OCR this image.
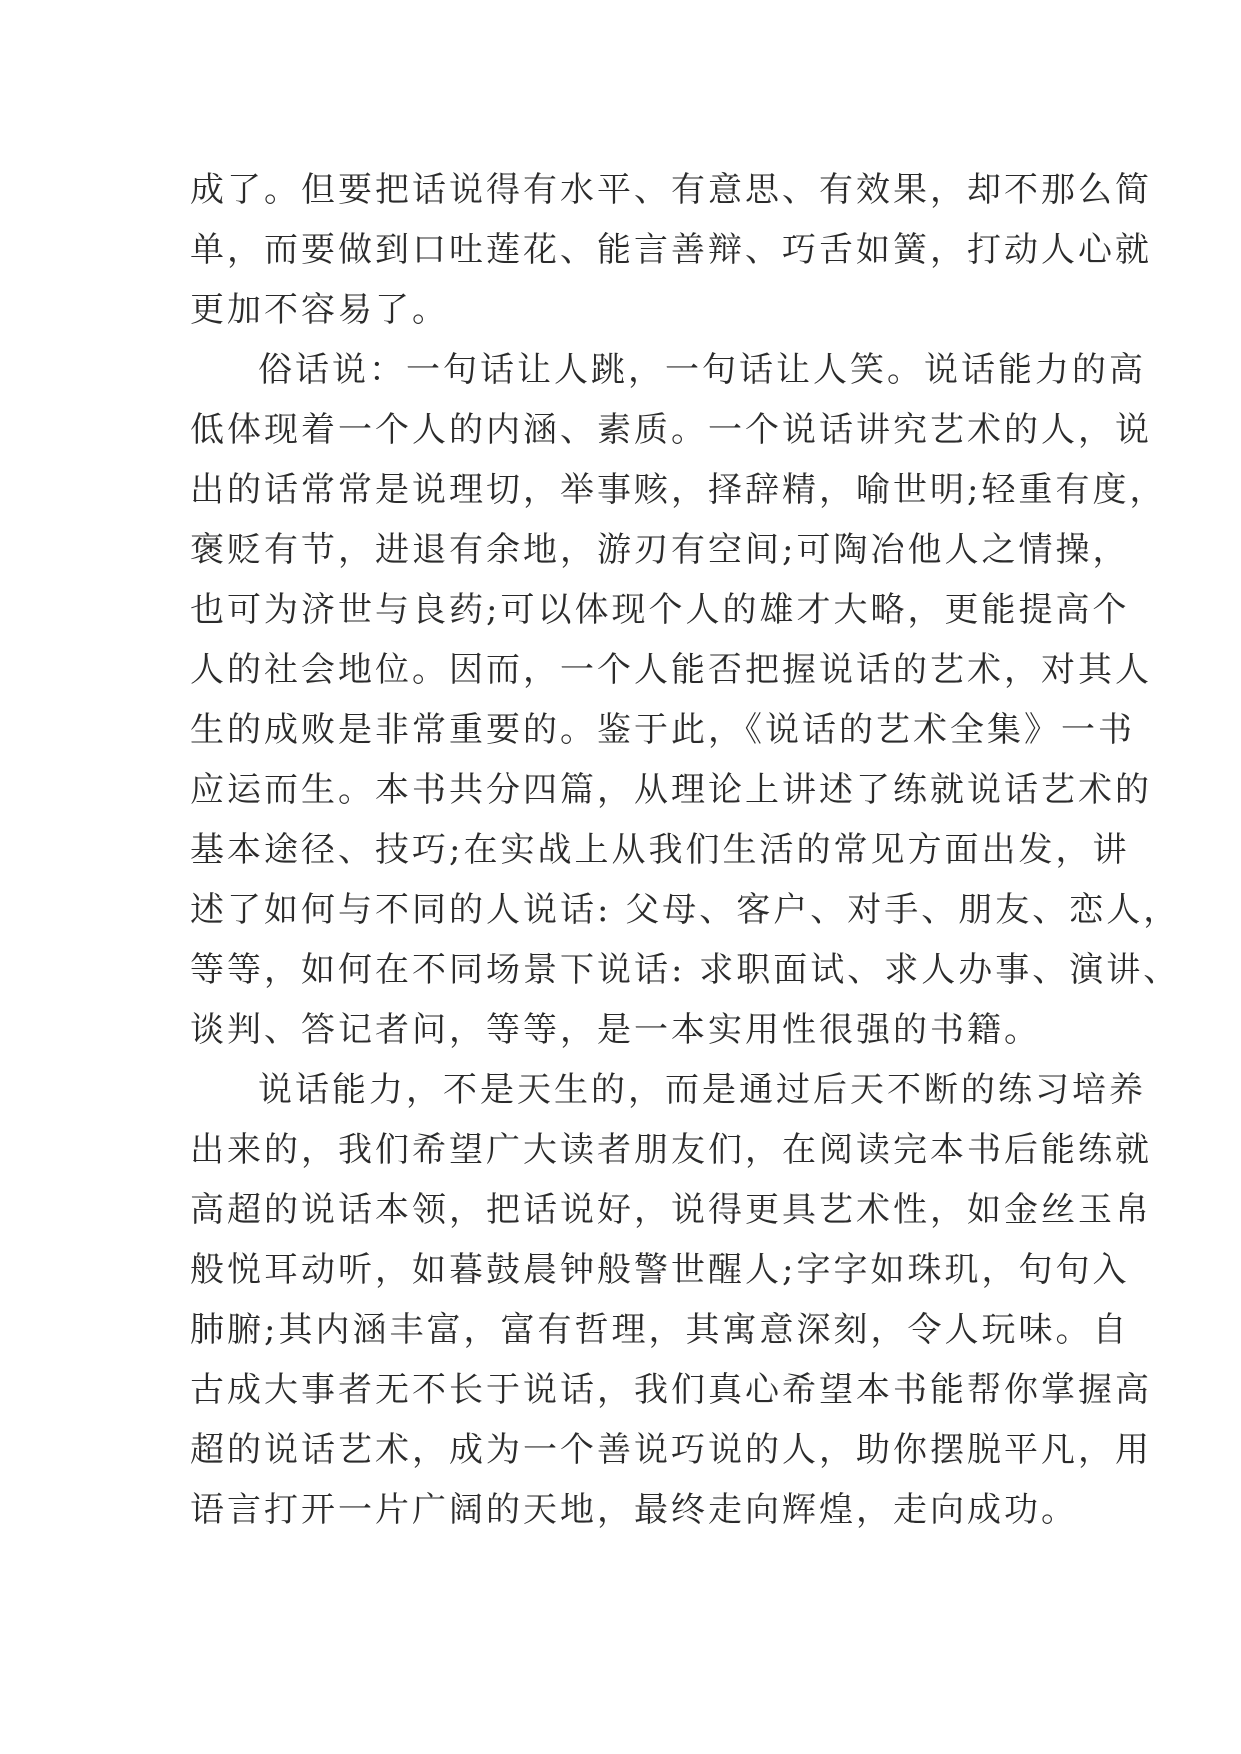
成了。但要把话说得有水平、有意思、有效果，却不那么简
单，而要做到口吐莲花、能言善辩、巧舌如簧，打动人心就
更加不容易了。

俗话说：一句话让人跳，一句话让人笑。说话能力的高
低体现着一个人的内涵、素质。一个说话讲究艺术的人，说
出的话常常是说理切，举事赅，择辞精，喻世明;轻重有度，
褒贬有节，进退有余地，游刃有空间;可陶冶他人之情操，
也可为济世与良药;可以体现个人的雄才大略，更能提高个
人的社会地位。因而，一个人能否把握说话的艺术，对其人
生的成败是非常重要的。鉴于此，《说话的艺术全集》一书
应运而生。本书共分四篇，从理论上讲述了练就说话艺术的
基本途径、技巧;在实战上从我们生活的常见方面出发，讲
述了如何与不同的人说话: 父母、客户、对手、朋友、恋人，
等等，如何在不同场景下说话: 求职面试、求人办事、演讲、
谈判、答记者问，等等，是一本实用性很强的书籍。

说话能力，不是天生的，而是通过后天不断的练习培养
出来的，我们希望广大读者朋友们，在阅读完本书后能练就
高超的说话本领，把话说好，说得更具艺术性，如金丝玉帛
般悦耳动听，如暮鼓晨钟般警世醒人;字字如珠玑，句句入
肺腑;其内涵丰富，富有哲理，其寓意深刻，令人玩味。自
古成大事者无不长于说话，我们真心希望本书能帮你掌握高
超的说话艺术，成为一个善说巧说的人，助你摆脱平凡，用
语言打开一片广阔的天地，最终走向辉煌，走向成功。
